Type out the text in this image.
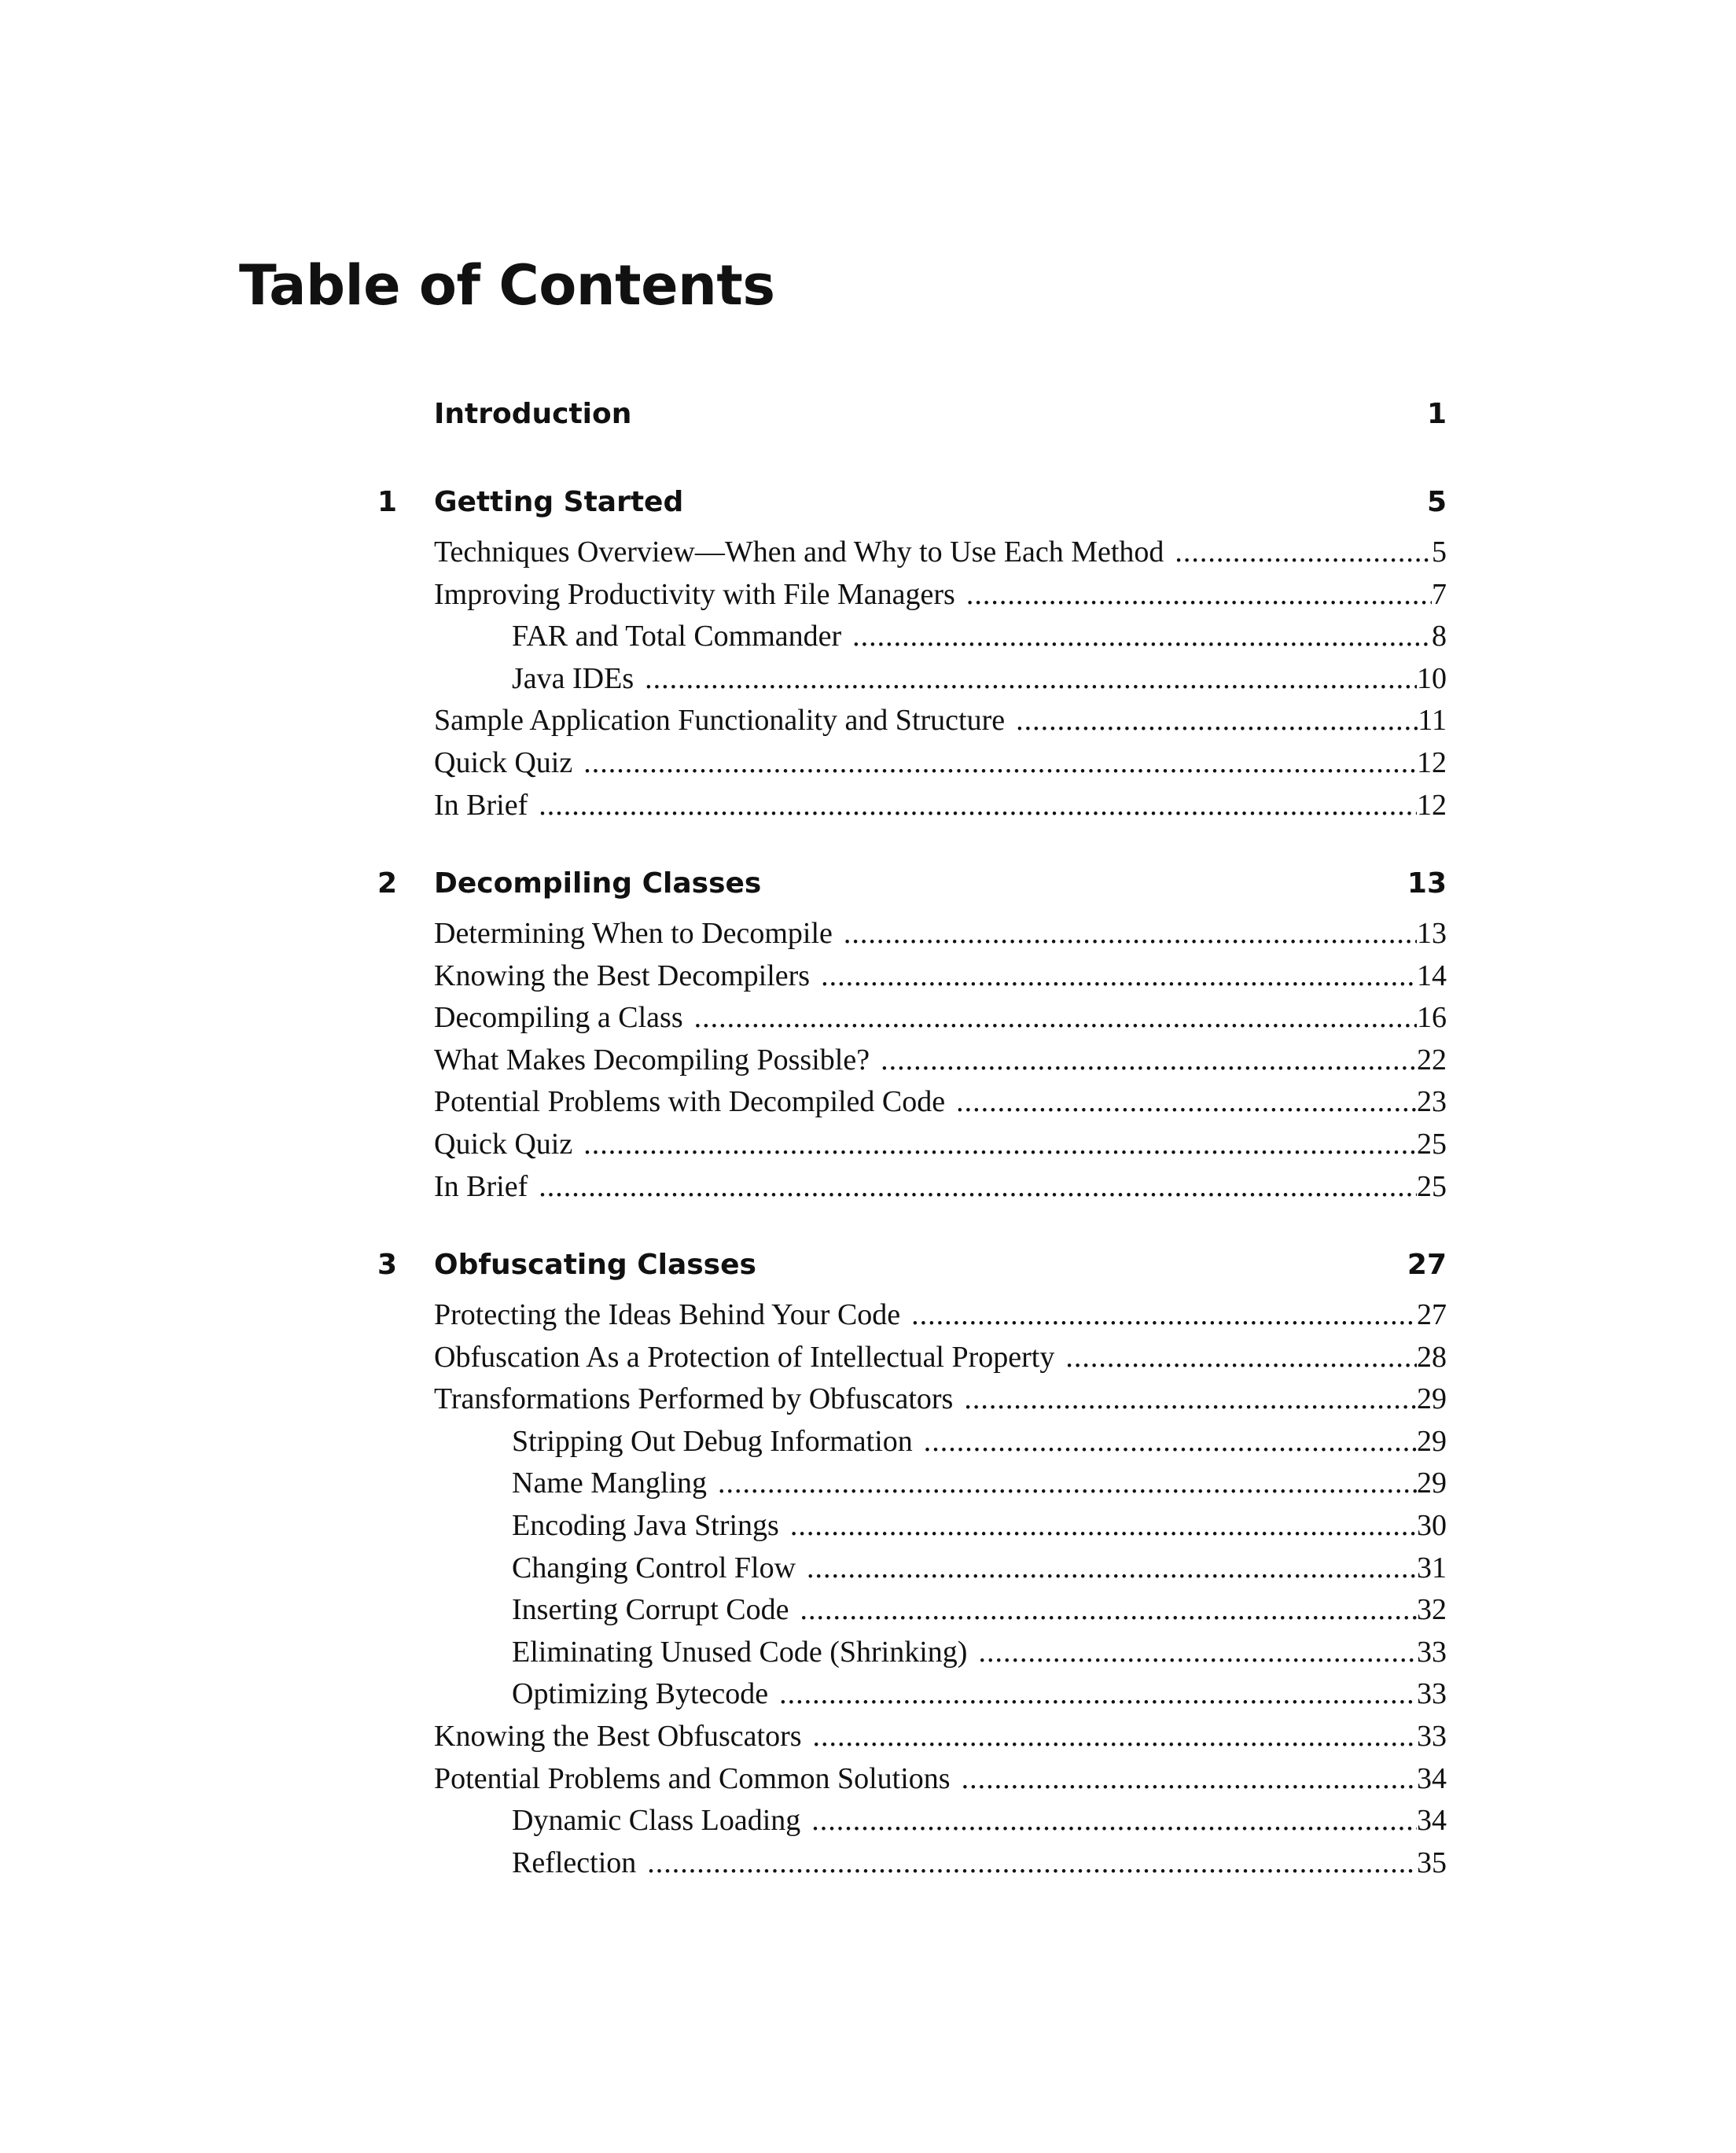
Table of Contents
Introduction	1
1	Getting Started	5
Techniques Overview—When and Why to Use Each Method .....	5
Improving Productivity with File Managers .....	7
FAR and Total Commander .....	8
Java IDEs .....	10
Sample Application Functionality and Structure .....	11
Quick Quiz .....	12
In Brief .....	12
2	Decompiling Classes	13
Determining When to Decompile .....	13
Knowing the Best Decompilers .....	14
Decompiling a Class .....	16
What Makes Decompiling Possible? .....	22
Potential Problems with Decompiled Code .....	23
Quick Quiz .....	25
In Brief .....	25
3	Obfuscating Classes	27
Protecting the Ideas Behind Your Code .....	27
Obfuscation As a Protection of Intellectual Property .....	28
Transformations Performed by Obfuscators .....	29
Stripping Out Debug Information .....	29
Name Mangling .....	29
Encoding Java Strings .....	30
Changing Control Flow .....	31
Inserting Corrupt Code .....	32
Eliminating Unused Code (Shrinking) .....	33
Optimizing Bytecode .....	33
Knowing the Best Obfuscators .....	33
Potential Problems and Common Solutions .....	34
Dynamic Class Loading .....	34
Reflection .....	35
